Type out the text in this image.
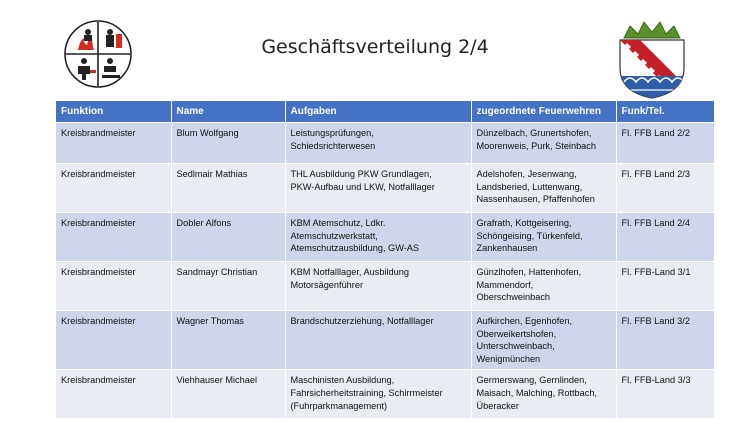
Geschäftsverteilung 2/4
Funktion	Name	Aufgaben	zugeordnete Feuerwehren	Funk/Tel.
Kreisbrandmeister	Blum Wolfgang	Leistungsprüfungen,
Schiedsrichterwesen	Dünzelbach, Grunertshofen,
Moorenweis, Purk, Steinbach	Fl. FFB Land 2/2
Kreisbrandmeister	Sedlmair Mathias	THL Ausbildung PKW Grundlagen,
PKW-Aufbau und LKW, Notfalllager	Adelshofen, Jesenwang,
Landsberied, Luttenwang,
Nassenhausen, Pfaffenhofen	Fl. FFB Land 2/3
Kreisbrandmeister	Dobler Alfons	KBM Atemschutz, Ldkr.
Atemschutzwerkstatt,
Atemschutzausbildung, GW-AS	Grafrath, Kottgeisering,
Schöngeising, Türkenfeld,
Zankenhausen	Fl. FFB Land 2/4
Kreisbrandmeister	Sandmayr Christian	KBM Notfalllager, Ausbildung
Motorsägenführer	Günzlhofen, Hattenhofen,
Mammendorf,
Oberschweinbach	Fl. FFB-Land 3/1
Kreisbrandmeister	Wagner Thomas	Brandschutzerziehung, Notfalllager	Aufkirchen, Egenhofen,
Oberweikertshofen,
Unterschweinbach,
Wenigmünchen	Fl. FFB Land 3/2
Kreisbrandmeister	Viehhauser Michael	Maschinisten Ausbildung,
Fahrsicherheitstraining, Schirrmeister
(Fuhrparkmanagement)	Germerswang, Gernlinden,
Maisach, Malching, Rottbach,
Überacker	Fl. FFB-Land 3/3
